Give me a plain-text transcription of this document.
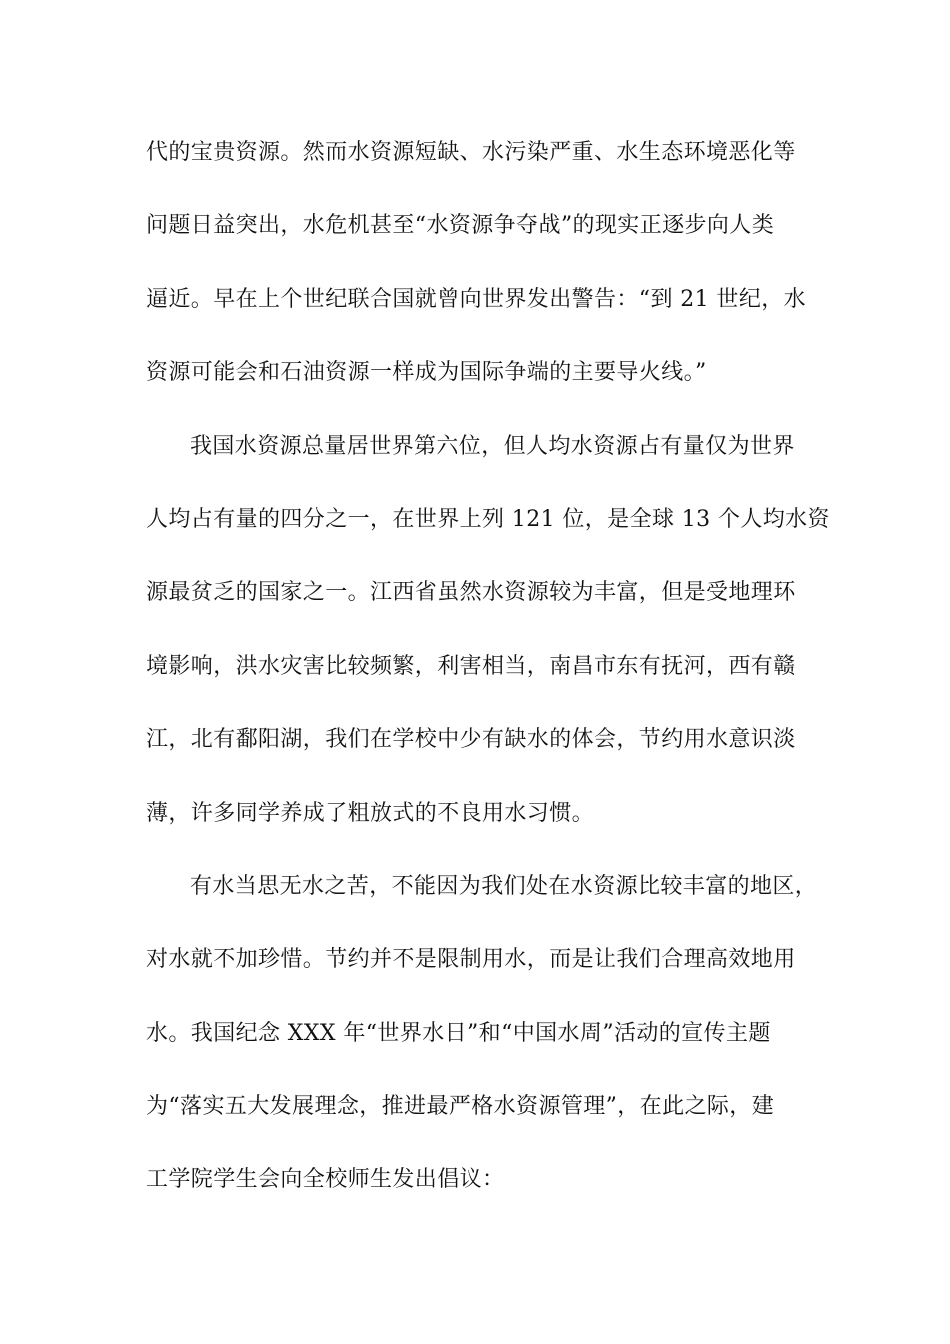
代的宝贵资源。然而水资源短缺、水污染严重、水生态环境恶化等
问题日益突出，水危机甚至“水资源争夺战”的现实正逐步向人类
逼近。早在上个世纪联合国就曾向世界发出警告：“到 21 世纪，水
资源可能会和石油资源一样成为国际争端的主要导火线。”
我国水资源总量居世界第六位，但人均水资源占有量仅为世界
人均占有量的四分之一，在世界上列 121 位，是全球 13 个人均水资
源最贫乏的国家之一。江西省虽然水资源较为丰富，但是受地理环
境影响，洪水灾害比较频繁，利害相当，南昌市东有抚河，西有赣
江，北有鄱阳湖，我们在学校中少有缺水的体会，节约用水意识淡
薄，许多同学养成了粗放式的不良用水习惯。
有水当思无水之苦，不能因为我们处在水资源比较丰富的地区，
对水就不加珍惜。节约并不是限制用水，而是让我们合理高效地用
水。我国纪念 XXX 年“世界水日”和“中国水周”活动的宣传主题
为“落实五大发展理念，推进最严格水资源管理”，在此之际，建
工学院学生会向全校师生发出倡议：
